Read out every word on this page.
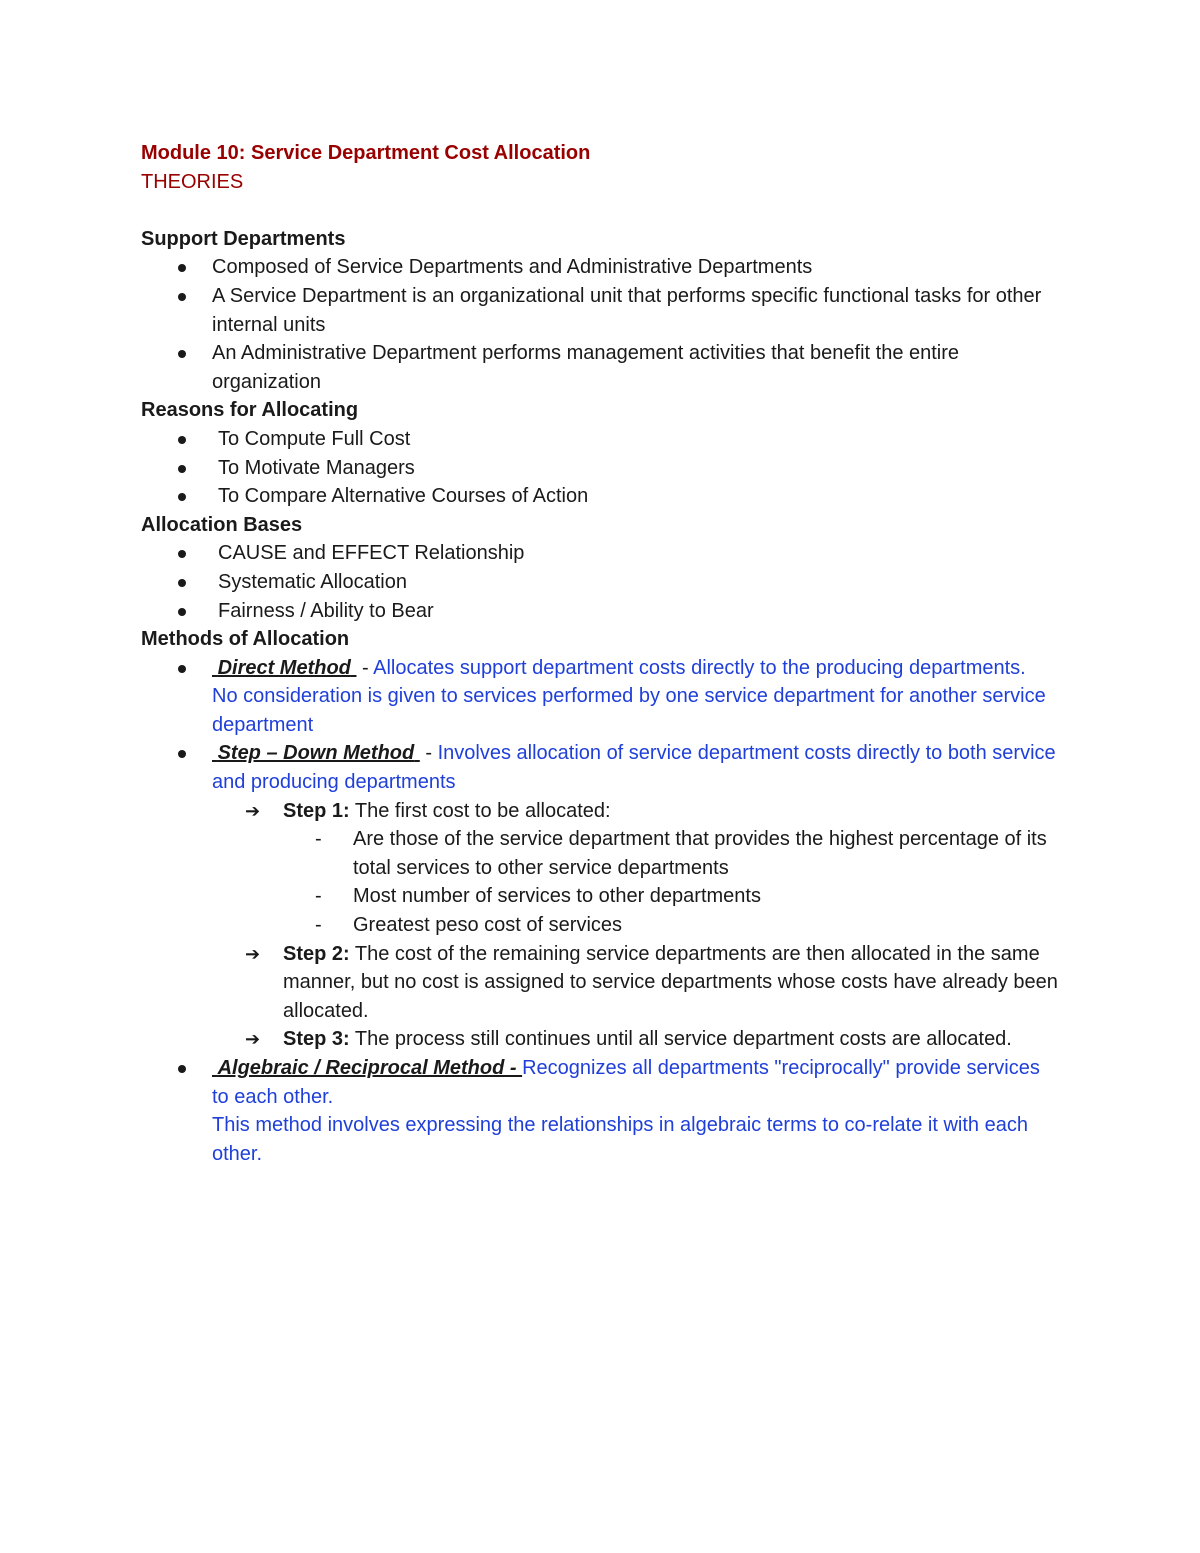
Module 10: Service Department Cost Allocation
THEORIES
Support Departments
Composed of Service Departments and Administrative Departments
A Service Department is an organizational unit that performs specific functional tasks for other internal units
An Administrative Department performs management activities that benefit the entire organization
Reasons for Allocating
To Compute Full Cost
To Motivate Managers
To Compare Alternative Courses of Action
Allocation Bases
CAUSE and EFFECT Relationship
Systematic Allocation
Fairness / Ability to Bear
Methods of Allocation
Direct Method  - Allocates support department costs directly to the producing departments.
No consideration is given to services performed by one service department for another service department
Step – Down Method  - Involves allocation of service department costs directly to both service and producing departments
➔ Step 1: The first cost to be allocated:
- Are those of the service department that provides the highest percentage of its total services to other service departments
- Most number of services to other departments
- Greatest peso cost of services
➔ Step 2: The cost of the remaining service departments are then allocated in the same manner, but no cost is assigned to service departments whose costs have already been allocated.
➔ Step 3: The process still continues until all service department costs are allocated.
Algebraic / Reciprocal Method - Recognizes all departments "reciprocally" provide services to each other.
This method involves expressing the relationships in algebraic terms to co-relate it with each other.
